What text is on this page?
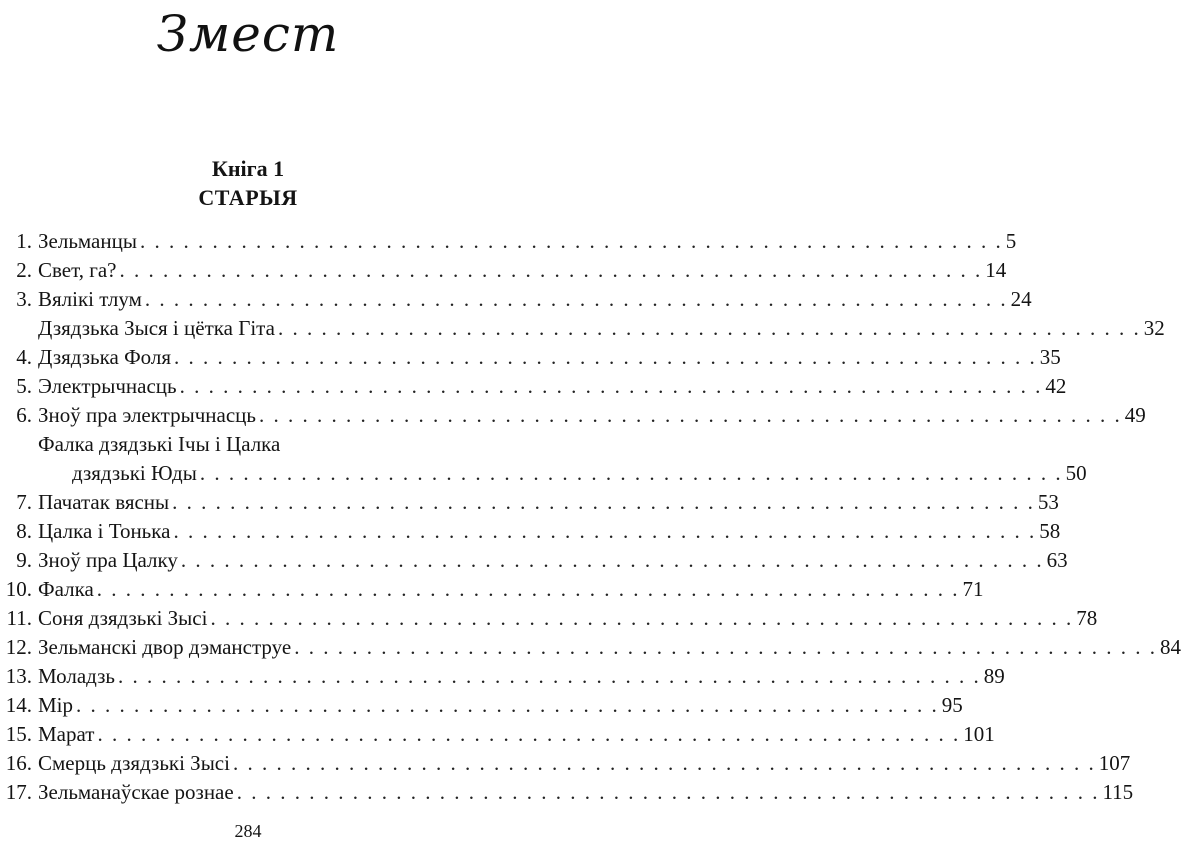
Змест
Кніга 1
СТАРЫЯ
1. Зельманцы . . . . . . . . . . . . . . . . . . . . . . . . . . . . . . . . . . . . . . . . . . . . . . . . . . . . . . . . . . . . 5
2. Свет, га? . . . . . . . . . . . . . . . . . . . . . . . . . . . . . . . . . . . . . . . . . . . . . . . . . . . . . . . . . . . . 14
3. Вялікі тлум . . . . . . . . . . . . . . . . . . . . . . . . . . . . . . . . . . . . . . . . . . . . . . . . . . . . . . . . . . . . 24
Дзядзька Зыся і цётка Гіта . . . . . . . . . . . . . . . . . . . . . . . . . . . . . . . . . . . . . . . . . . . . . . . . . . . . . . . . . . . . 32
4. Дзядзька Фоля . . . . . . . . . . . . . . . . . . . . . . . . . . . . . . . . . . . . . . . . . . . . . . . . . . . . . . . . . . . . 35
5. Электрычнасць . . . . . . . . . . . . . . . . . . . . . . . . . . . . . . . . . . . . . . . . . . . . . . . . . . . . . . . . . . . . 42
6. Зноў пра электрычнасць . . . . . . . . . . . . . . . . . . . . . . . . . . . . . . . . . . . . . . . . . . . . . . . . . . . . . . . . . . . . 49
Фалка дзядзькі Ічы і Цалка
дзядзькі Юды . . . . . . . . . . . . . . . . . . . . . . . . . . . . . . . . . . . . . . . . . . . . . . . . . . . . . . . . . . . . 50
7. Пачатак вясны . . . . . . . . . . . . . . . . . . . . . . . . . . . . . . . . . . . . . . . . . . . . . . . . . . . . . . . . . . . . 53
8. Цалка і Тонька . . . . . . . . . . . . . . . . . . . . . . . . . . . . . . . . . . . . . . . . . . . . . . . . . . . . . . . . . . . . 58
9. Зноў пра Цалку . . . . . . . . . . . . . . . . . . . . . . . . . . . . . . . . . . . . . . . . . . . . . . . . . . . . . . . . . . . . 63
10. Фалка . . . . . . . . . . . . . . . . . . . . . . . . . . . . . . . . . . . . . . . . . . . . . . . . . . . . . . . . . . . . 71
11. Соня дзядзькі Зысі . . . . . . . . . . . . . . . . . . . . . . . . . . . . . . . . . . . . . . . . . . . . . . . . . . . . . . . . . . . . 78
12. Зельманскі двор дэманструе . . . . . . . . . . . . . . . . . . . . . . . . . . . . . . . . . . . . . . . . . . . . . . . . . . . . . . . . . . . . 84
13. Моладзь . . . . . . . . . . . . . . . . . . . . . . . . . . . . . . . . . . . . . . . . . . . . . . . . . . . . . . . . . . . . 89
14. Мір . . . . . . . . . . . . . . . . . . . . . . . . . . . . . . . . . . . . . . . . . . . . . . . . . . . . . . . . . . . . 95
15. Марат . . . . . . . . . . . . . . . . . . . . . . . . . . . . . . . . . . . . . . . . . . . . . . . . . . . . . . . . . . . . 101
16. Смерць дзядзькі Зысі . . . . . . . . . . . . . . . . . . . . . . . . . . . . . . . . . . . . . . . . . . . . . . . . . . . . . . . . . . . . 107
17. Зельманаўскае рознае . . . . . . . . . . . . . . . . . . . . . . . . . . . . . . . . . . . . . . . . . . . . . . . . . . . . . . . . . . . . 115
284
